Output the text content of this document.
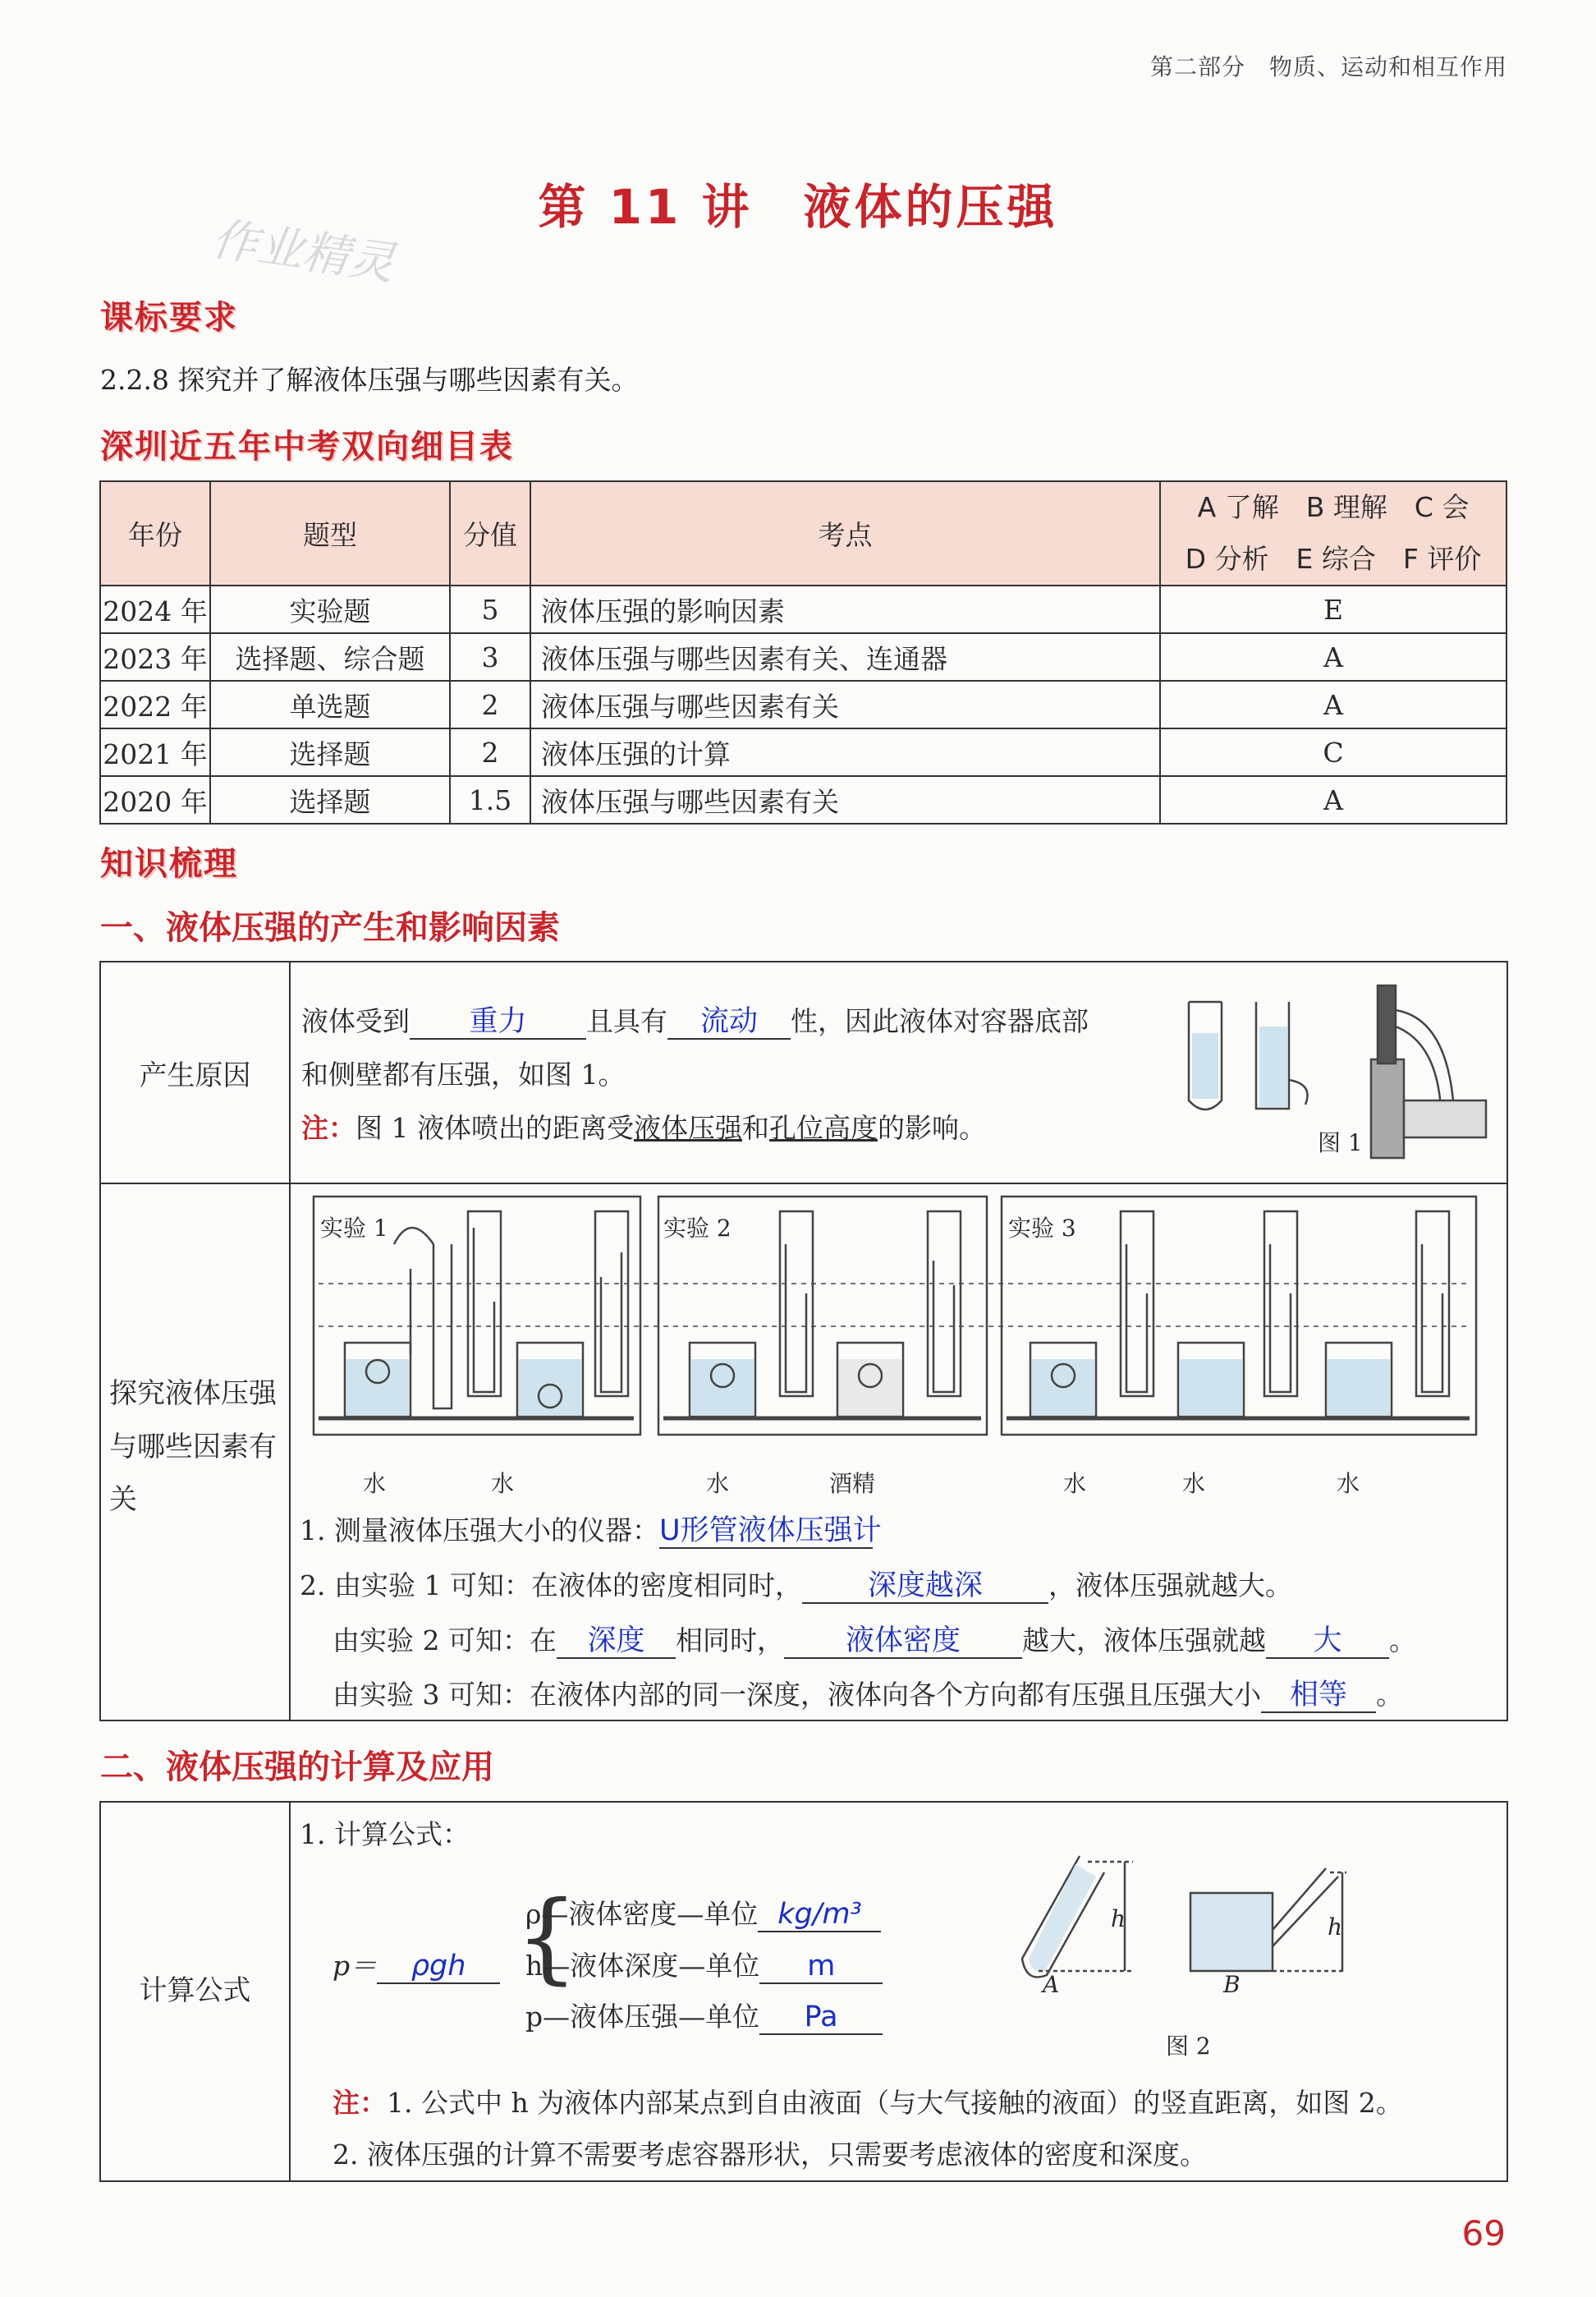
第二部分　物质、运动和相互作用
第 11 讲　液体的压强
作业精灵
课标要求
2.2.8 探究并了解液体压强与哪些因素有关。
深圳近五年中考双向细目表
年份	题型	分值	考点	A 了解　B 理解　C 会
D 分析　E 综合　F 评价

2024 年	实验题	5	液体压强的影响因素	E
2023 年	选择题、综合题	3	液体压强与哪些因素有关、连通器	A
2022 年	单选题	2	液体压强与哪些因素有关	A
2021 年	选择题	2	液体压强的计算	C
2020 年	选择题	1.5	液体压强与哪些因素有关	A
知识梳理
一、液体压强的产生和影响因素
产生原因
液体受到 重力 且具有 流动 性，因此液体对容器底部
和侧壁都有压强，如图 1。
注：图 1 液体喷出的距离受液体压强和孔位高度的影响。	图 1
探究液体压强与哪些因素有关
实验 1	实验 2	实验 3
水	水	水	酒精	水	水	水
1. 测量液体压强大小的仪器：U形管液体压强计
2. 由实验 1 可知：在液体的密度相同时， 深度越深 ，液体压强就越大。
由实验 2 可知：在 深度 相同时， 液体密度 越大，液体压强就越 大 。
由实验 3 可知：在液体内部的同一深度，液体向各个方向都有压强且压强大小 相等 。
二、液体压强的计算及应用
计算公式
1. 计算公式：
p＝ ρgh {
ρ—液体密度—单位 kg/m³
h—液体深度—单位 m
p—液体压强—单位 Pa
A	B
h	h
图 2
注：1. 公式中 h 为液体内部某点到自由液面（与大气接触的液面）的竖直距离，如图 2。
2. 液体压强的计算不需要考虑容器形状，只需要考虑液体的密度和深度。
69
